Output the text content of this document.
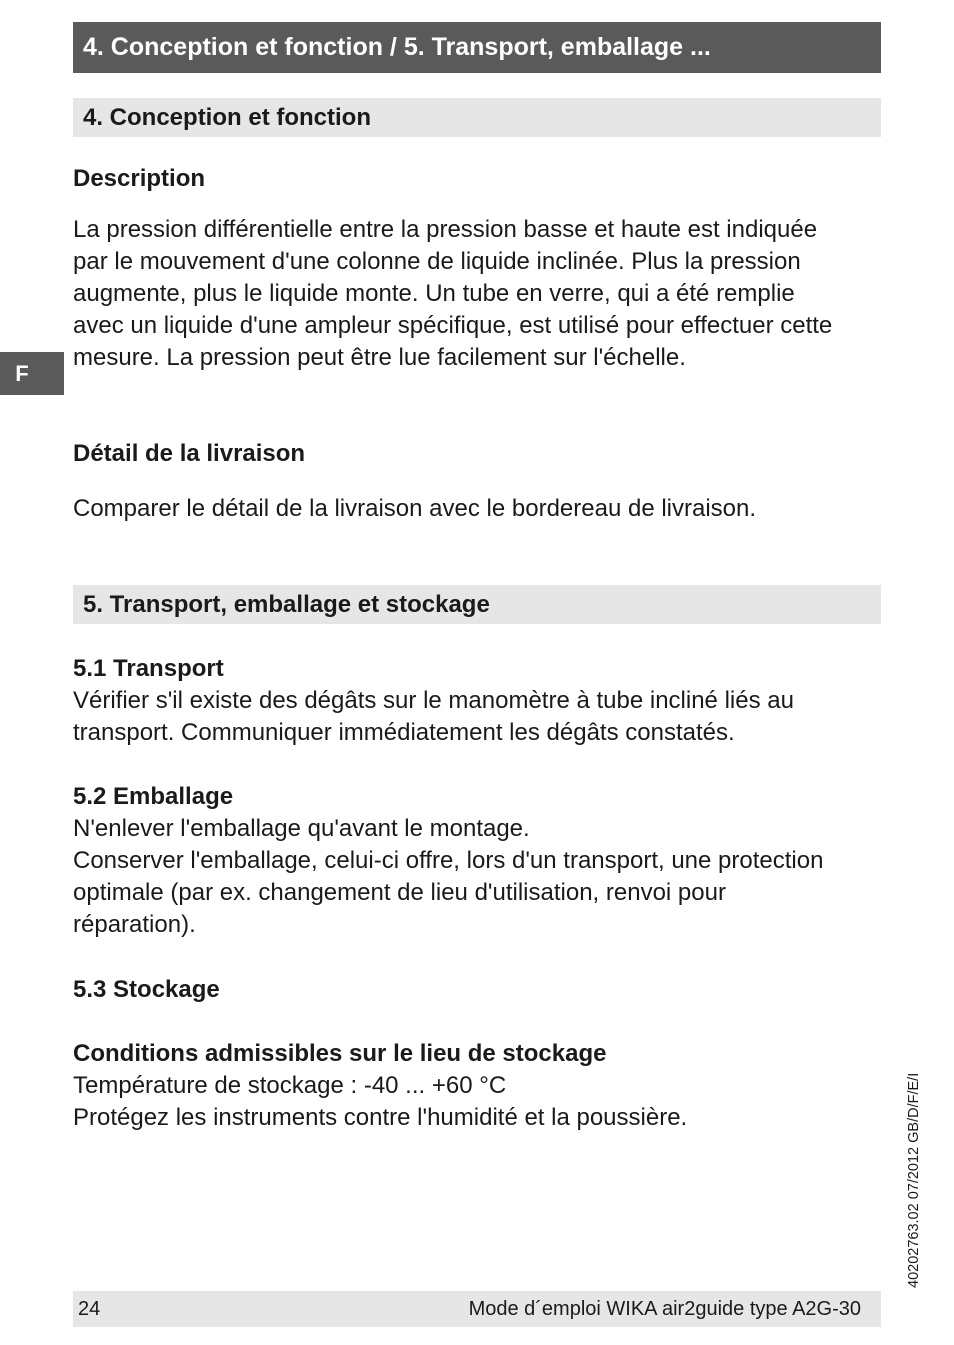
4. Conception et fonction / 5. Transport, emballage ...
F
4. Conception et fonction
Description
La pression différentielle entre la pression basse et haute est indiquée
par le mouvement d'une colonne de liquide inclinée. Plus la pression
augmente, plus le liquide monte. Un tube en verre, qui a été remplie
avec un liquide d'une ampleur spécifique, est utilisé pour effectuer cette
mesure. La pression peut être lue facilement sur l'échelle.
Détail de la livraison
Comparer le détail de la livraison avec le bordereau de livraison.
5. Transport, emballage et stockage
5.1 Transport
Vérifier s'il existe des dégâts sur le manomètre à tube incliné liés au
transport. Communiquer immédiatement les dégâts constatés.
5.2 Emballage
N'enlever l'emballage qu'avant le montage.
Conserver l'emballage, celui-ci offre, lors d'un transport, une protection
optimale (par ex. changement de lieu d'utilisation, renvoi pour
réparation).
5.3 Stockage
Conditions admissibles sur le lieu de stockage
Température de stockage : -40 ... +60 °C
Protégez les instruments contre l'humidité et la poussière.	40202763.02 07/2012 GB/D/F/E/I
24	Mode d´emploi WIKA air2guide type A2G-30
